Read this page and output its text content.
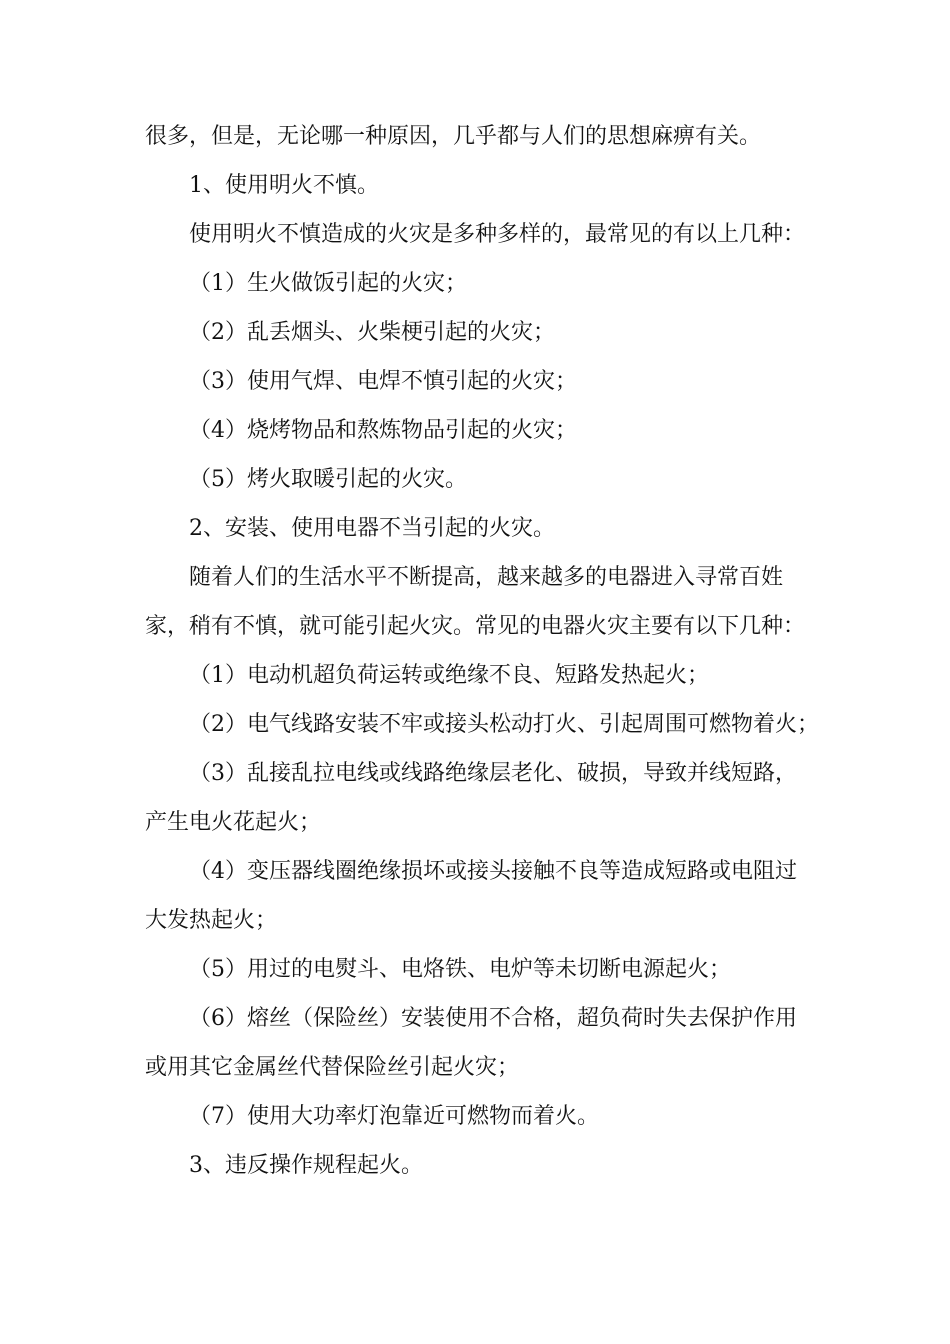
很多，但是，无论哪一种原因，几乎都与人们的思想麻痹有关。
1、使用明火不慎。
使用明火不慎造成的火灾是多种多样的，最常见的有以上几种：
（1）生火做饭引起的火灾；
（2）乱丢烟头、火柴梗引起的火灾；
（3）使用气焊、电焊不慎引起的火灾；
（4）烧烤物品和熬炼物品引起的火灾；
（5）烤火取暖引起的火灾。
2、安装、使用电器不当引起的火灾。
随着人们的生活水平不断提高，越来越多的电器进入寻常百姓
家，稍有不慎，就可能引起火灾。常见的电器火灾主要有以下几种：
（1）电动机超负荷运转或绝缘不良、短路发热起火；
（2）电气线路安装不牢或接头松动打火、引起周围可燃物着火；
（3）乱接乱拉电线或线路绝缘层老化、破损，导致并线短路，
产生电火花起火；
（4）变压器线圈绝缘损坏或接头接触不良等造成短路或电阻过
大发热起火；
（5）用过的电熨斗、电烙铁、电炉等未切断电源起火；
（6）熔丝（保险丝）安装使用不合格，超负荷时失去保护作用
或用其它金属丝代替保险丝引起火灾；
（7）使用大功率灯泡靠近可燃物而着火。
3、违反操作规程起火。
